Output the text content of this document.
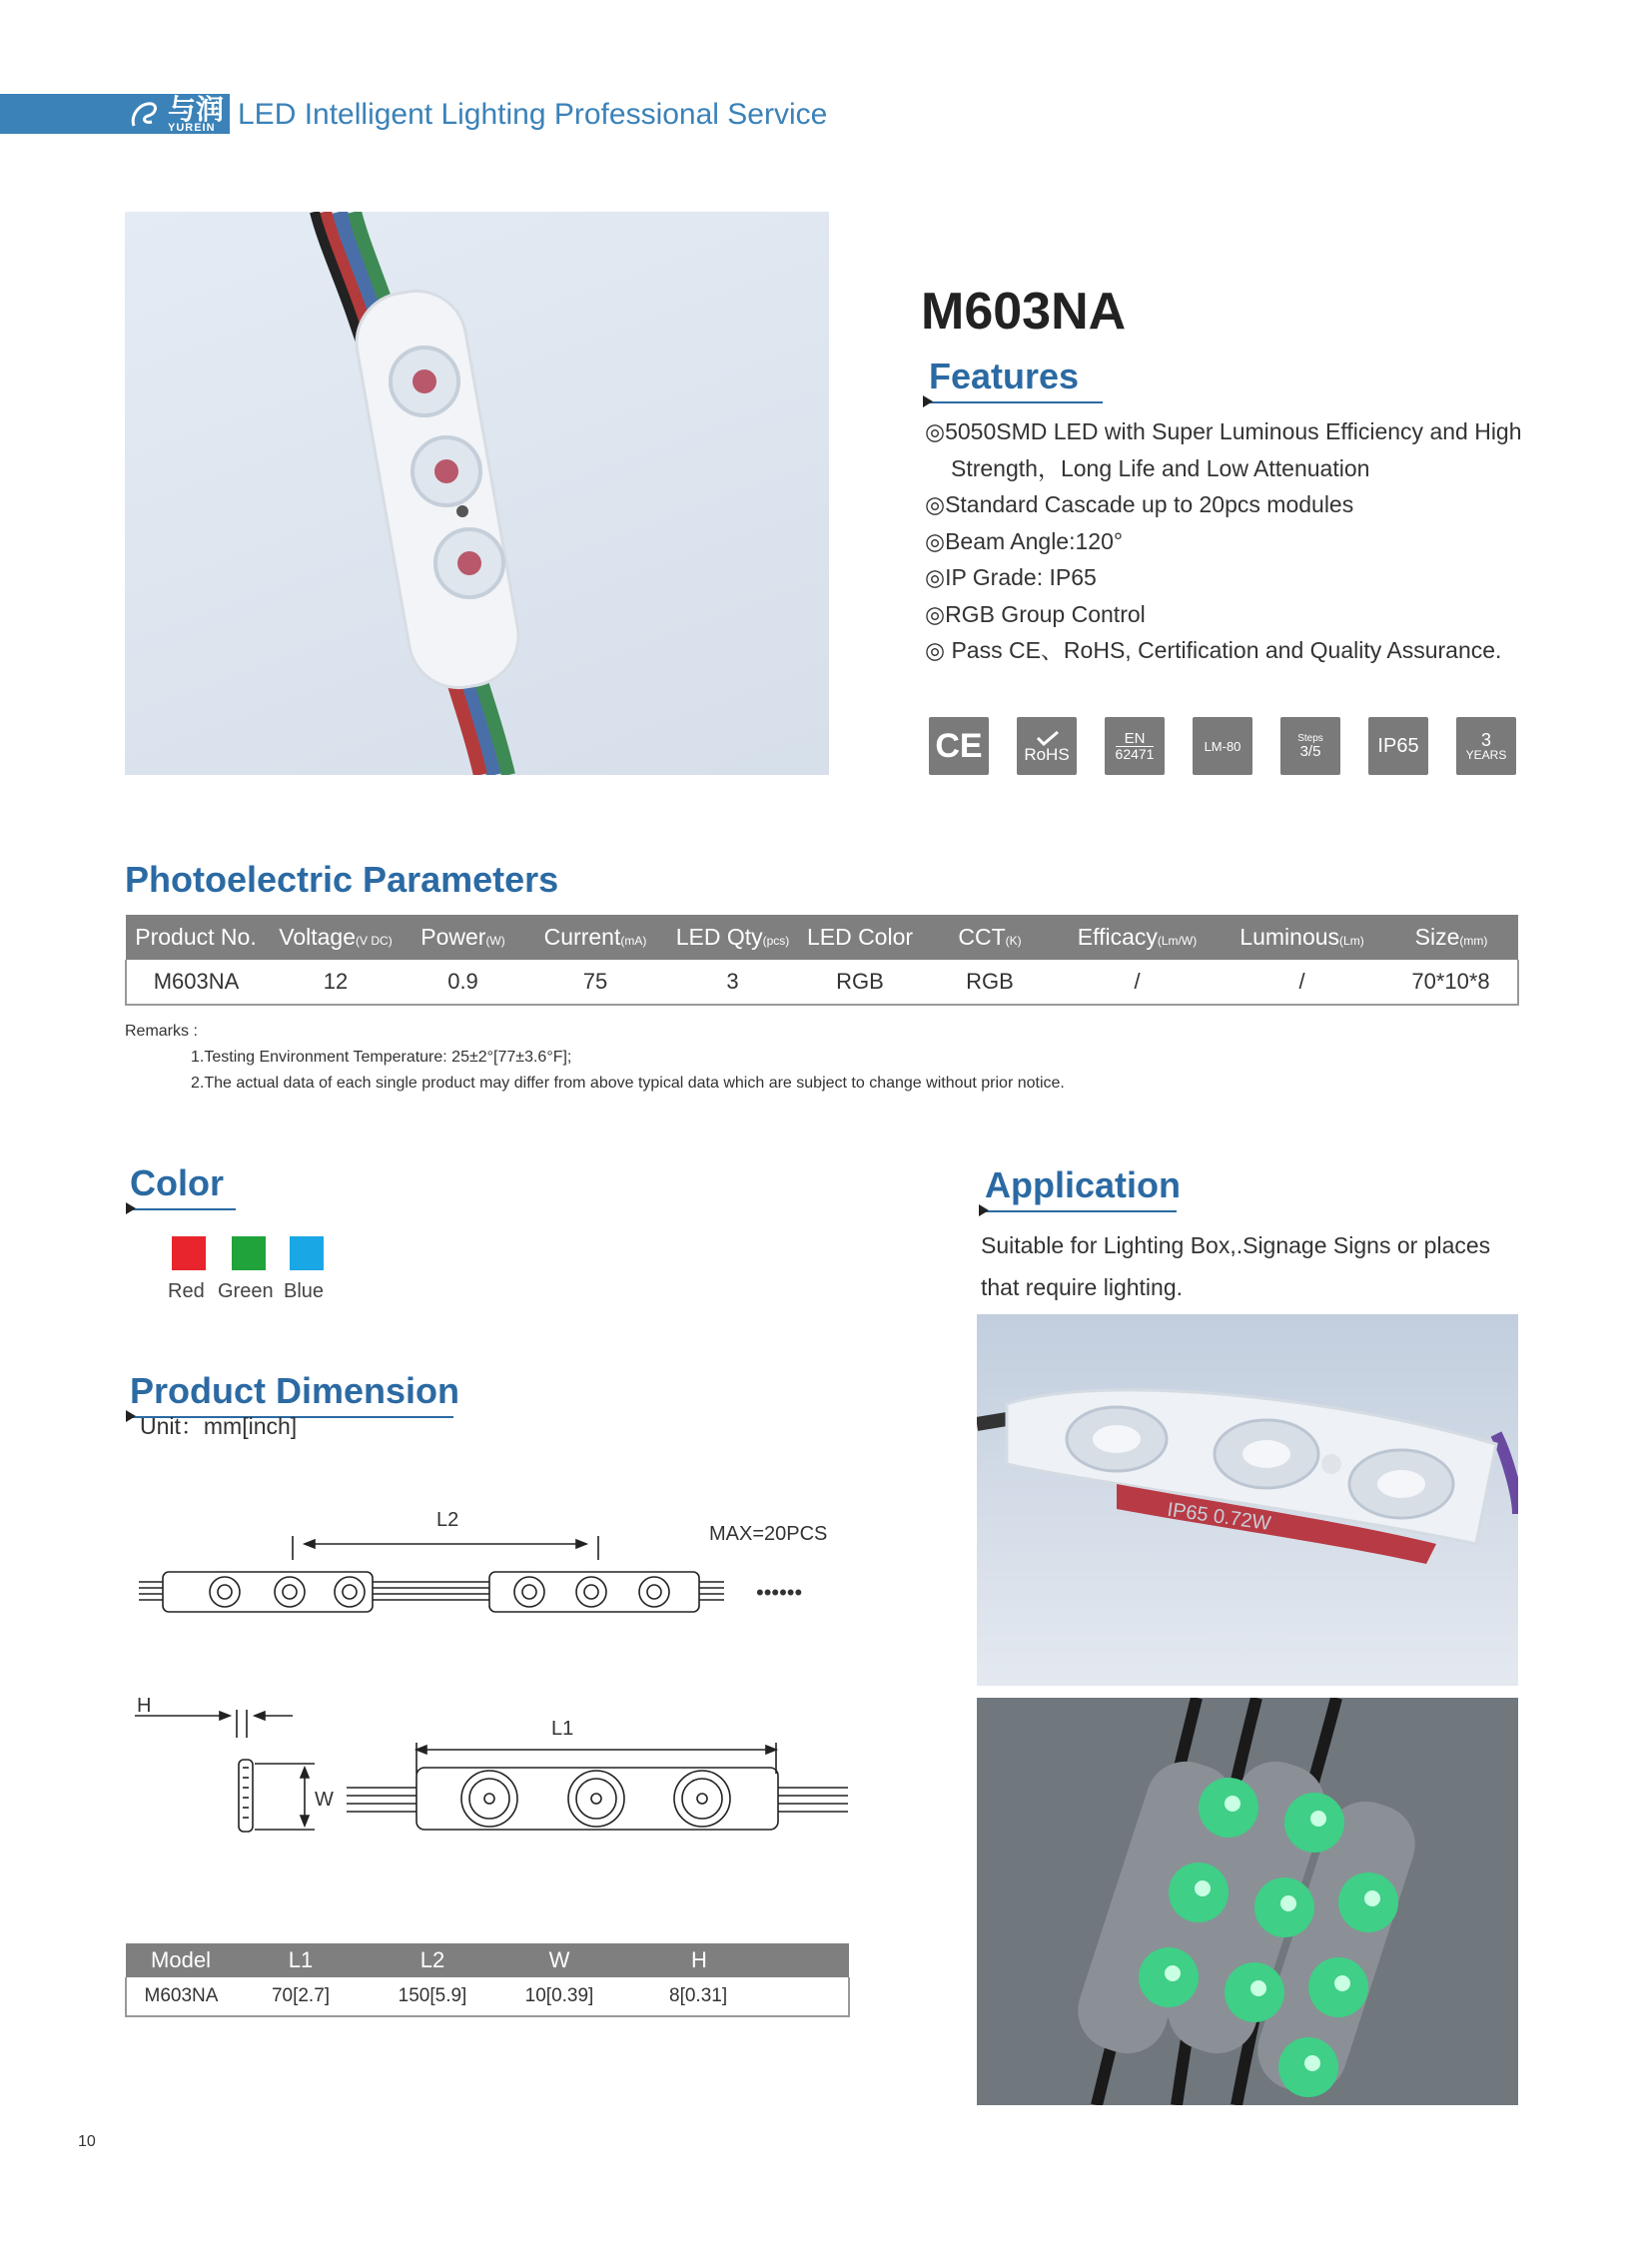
与润
YUREIN LED Intelligent Lighting Professional Service
M603NA
Features
◎5050SMD LED with Super Luminous Efficiency and High
Strength，Long Life and Low Attenuation
◎Standard Cascade up to 20pcs modules
◎Beam Angle:120°
◎IP Grade: IP65
◎RGB Group Control
◎ Pass CE、RoHS, Certification and Quality Assurance.
CE RoHS
EN
62471	LM-80
Steps
3/5	IP65	3
YEARS
Photoelectric Parameters
Product No.	Voltage(V DC)	Power(W)	Current(mA)	LED Qty(pcs)	LED Color	CCT(K)	Efficacy(Lm/W)	Luminous(Lm)	Size(mm)
M603NA	12	0.9	75	3	RGB	RGB	/	/	70*10*8
Remarks :
1.Testing Environment Temperature: 25±2°[77±3.6°F];
2.The actual data of each single product may differ from above typical data which are subject to change without prior notice.
Color
Red Green Blue
Application
Suitable for Lighting Box,.Signage Signs or places that require lighting.
IP65 0.72W
Product Dimension
Unit：mm[inch]
L2
MAX=20PCS
••••••
H
W
L1
Model	L1	L2	W	H
M603NA	70[2.7]	150[5.9]	10[0.39]	8[0.31]
10
